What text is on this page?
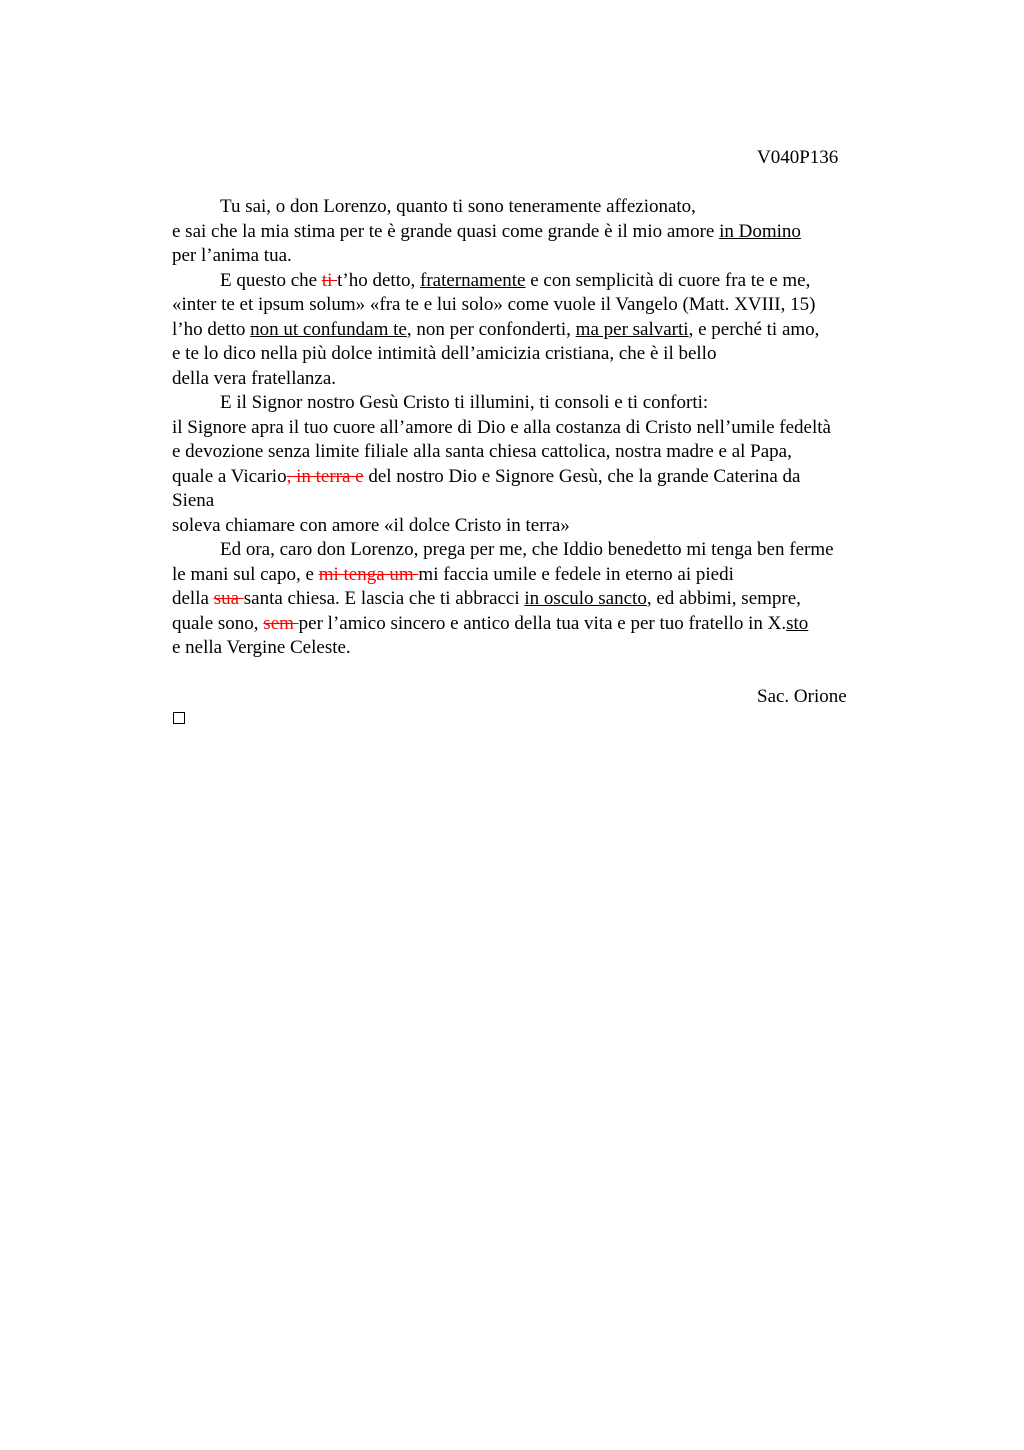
V040P136
Tu sai, o don Lorenzo, quanto ti sono teneramente affezionato,
e sai che la mia stima per te è grande quasi come grande è il mio amore in Domino
per l’anima tua.
E questo che ti t’ho detto, fraternamente e con semplicità di cuore fra te e me,
«inter te et ipsum solum» «fra te e lui solo» come vuole il Vangelo (Matt. XVIII, 15)
l’ho detto non ut confundam te, non per confonderti, ma per salvarti, e perché ti amo,
e te lo dico nella più dolce intimità dell’amicizia cristiana, che è il bello
della vera fratellanza.
E il Signor nostro Gesù Cristo ti illumini, ti consoli e ti conforti:
il Signore apra il tuo cuore all’amore di Dio e alla costanza di Cristo nell’umile fedeltà
e devozione senza limite filiale alla santa chiesa cattolica, nostra madre e al Papa,
quale a Vicario, in terra e del nostro Dio e Signore Gesù, che la grande Caterina da
Siena
soleva chiamare con amore «il dolce Cristo in terra»
Ed ora, caro don Lorenzo, prega per me, che Iddio benedetto mi tenga ben ferme
le mani sul capo, e mi tenga um mi faccia umile e fedele in eterno ai piedi
della sua santa chiesa. E lascia che ti abbracci in osculo sancto, ed abbimi, sempre,
quale sono, sem per l’amico sincero e antico della tua vita e per tuo fratello in X.sto
e nella Vergine Celeste.
Sac. Orione
